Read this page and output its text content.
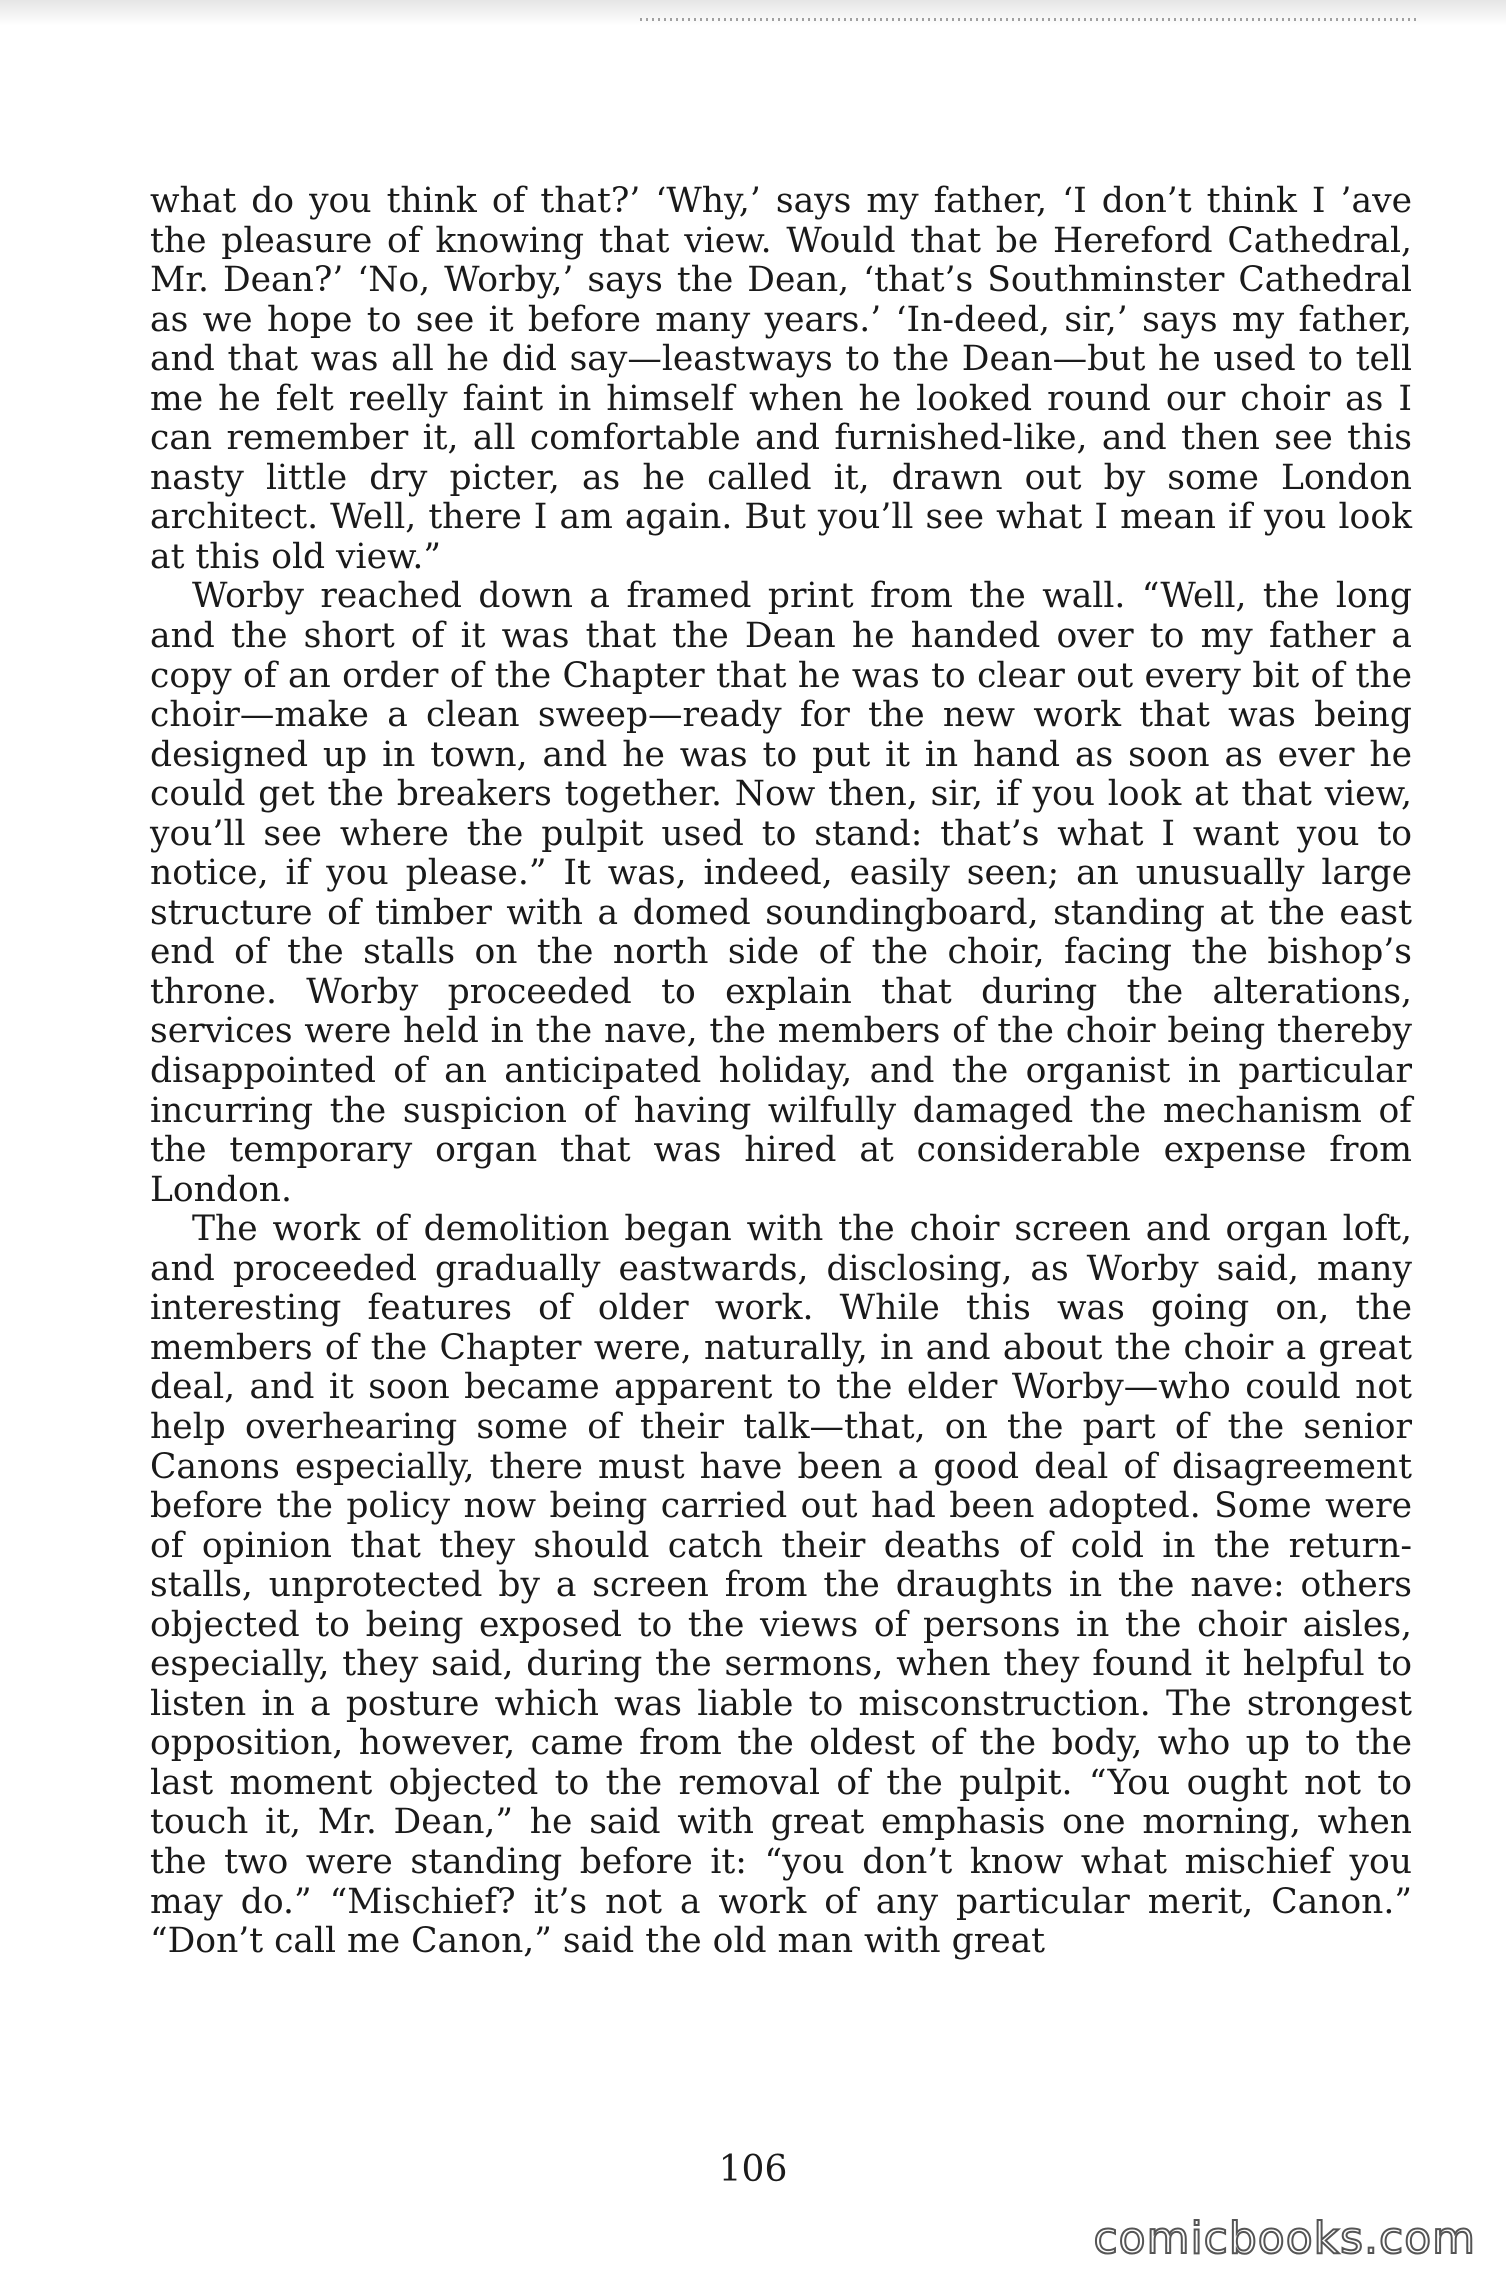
what do you think of that?’ ‘Why,’ says my father, ‘I don’t think I ’ave the pleasure of knowing that view. Would that be Hereford Cathedral, Mr. Dean?’ ‘No, Worby,’ says the Dean, ‘that’s Southminster Cathedral as we hope to see it before many years.’ ‘In-deed, sir,’ says my father, and that was all he did say—leastways to the Dean—but he used to tell me he felt reelly faint in himself when he looked round our choir as I can remember it, all comfortable and furnished-like, and then see this nasty little dry picter, as he called it, drawn out by some London architect. Well, there I am again. But you’ll see what I mean if you look at this old view.”

Worby reached down a framed print from the wall. “Well, the long and the short of it was that the Dean he handed over to my father a copy of an order of the Chapter that he was to clear out every bit of the choir—make a clean sweep—ready for the new work that was being designed up in town, and he was to put it in hand as soon as ever he could get the breakers together. Now then, sir, if you look at that view, you’ll see where the pulpit used to stand: that’s what I want you to notice, if you please.” It was, indeed, easily seen; an unusually large structure of timber with a domed soundingboard, standing at the east end of the stalls on the north side of the choir, facing the bishop’s throne. Worby proceeded to explain that during the alterations, services were held in the nave, the members of the choir being thereby disappointed of an anticipated holiday, and the organist in particular incurring the suspicion of having wilfully damaged the mechanism of the temporary organ that was hired at considerable expense from London.

The work of demolition began with the choir screen and organ loft, and proceeded gradually eastwards, disclosing, as Worby said, many interesting features of older work. While this was going on, the members of the Chapter were, naturally, in and about the choir a great deal, and it soon became apparent to the elder Worby—who could not help overhearing some of their talk—that, on the part of the senior Canons especially, there must have been a good deal of disagreement before the policy now being carried out had been adopted. Some were of opinion that they should catch their deaths of cold in the return-stalls, unprotected by a screen from the draughts in the nave: others objected to being exposed to the views of persons in the choir aisles, especially, they said, during the sermons, when they found it helpful to listen in a posture which was liable to misconstruction. The strongest opposition, however, came from the oldest of the body, who up to the last moment objected to the removal of the pulpit. “You ought not to touch it, Mr. Dean,” he said with great emphasis one morning, when the two were standing before it: “you don’t know what mischief you may do.” “Mischief? it’s not a work of any particular merit, Canon.” “Don’t call me Canon,” said the old man with great

106
comicbooks.com
